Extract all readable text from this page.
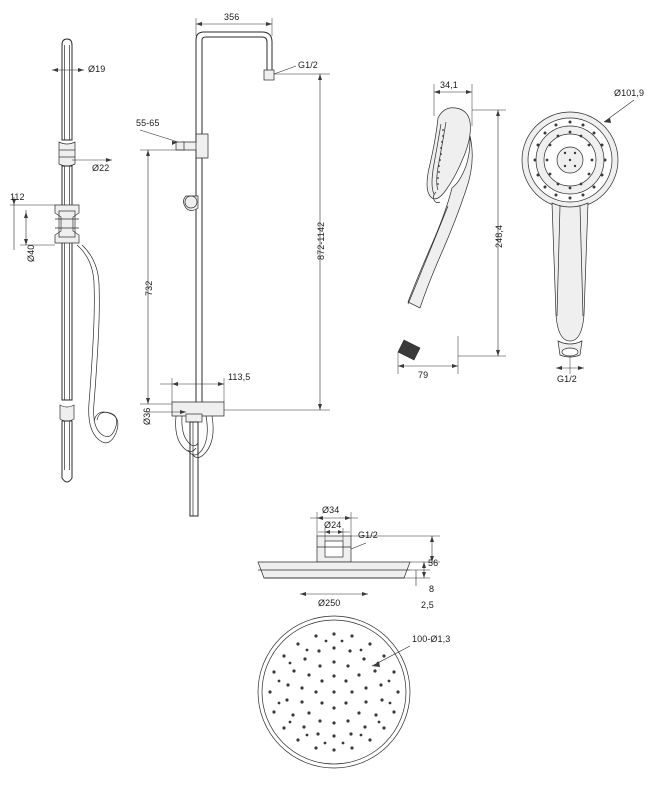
Ø19
Ø22
112
Ø40
356
G1/2
55-65
872-1142
732
113,5
Ø36
34,1
79
248,4
Ø101,9
G1/2
Ø34
Ø24
G1/2
56
Ø250
8
2,5
100-Ø1,3
